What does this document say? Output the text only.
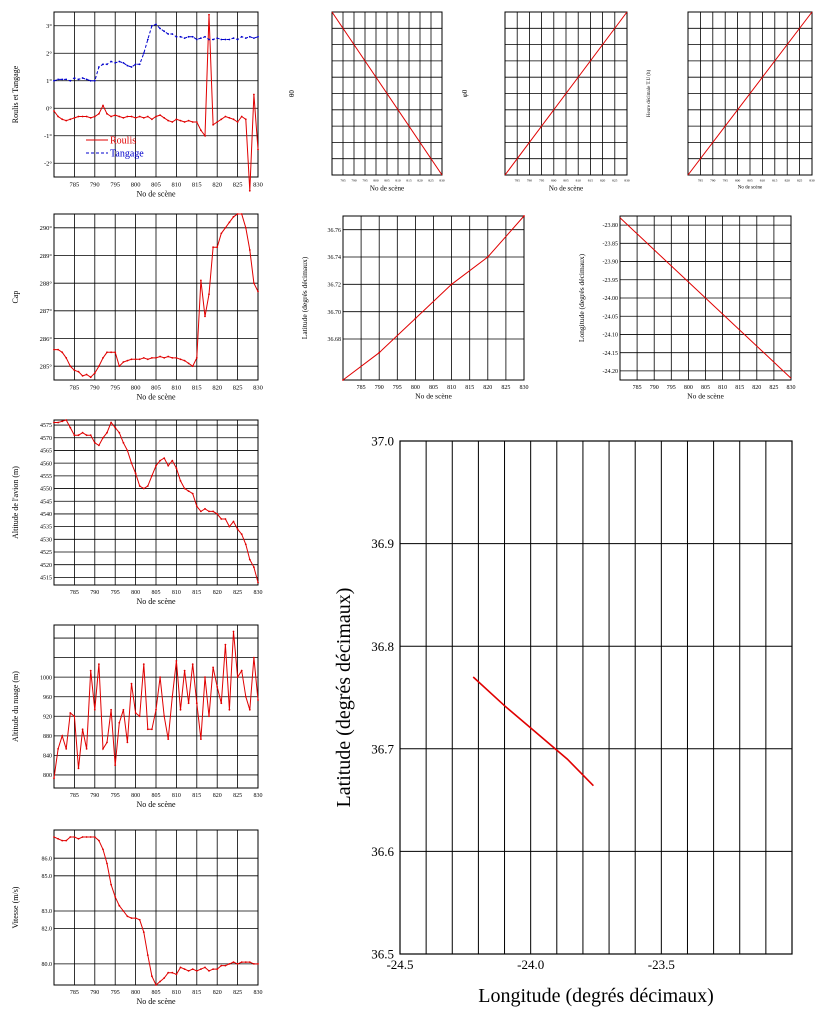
785 790 795 800 805 810 815 820 825 830
-1°
-2°
0°
1°
2°
3°
No de scène
Roulis et Tangage
Roulis
Tangage
785 790 795 800 805 810 815 820 825 830
No de scène
θ0
785 790 795 800 805 810 815 820 825 830
No de scène
φ0
785 790 795 800 805 810 815 820 825 830
No de scène
Heure décimale T.U (h)
785 790 795 800 805 810 815 820 825 830
285°
286°
287°
288°
289°
290°
No de scène
Cap
785 790 795 800 805 810 815 820 825 830
36.68
36.70
36.72
36.74
36.76
No de scène
Latitude (degrés décimaux)
785 790 795 800 805 810 815 820 825 830
-23.80
-23.85
-23.90
-23.95
-24.00
-24.05
-24.10
-24.15
-24.20
No de scène
Longitude (degrés décimaux)
785 790 795 800 805 810 815 820 825 830
4515
4520
4525
4530
4535
4540
4545
4550
4555
4560
4565
4570
4575
No de scène
Altitude de l'avion (m)
785 790 795 800 805 810 815 820 825 830
800
840
880
920
960
1000
No de scène
Altitude du nuage (m)
785 790 795 800 805 810 815 820 825 830
80.0
82.0
83.0
85.0
86.0
No de scène
Vitesse (m/s)
-24.5	-24.0	-23.5
36.5
36.6
36.7
36.8
36.9
37.0
Longitude (degrés décimaux)
Latitude (degrés décimaux)
